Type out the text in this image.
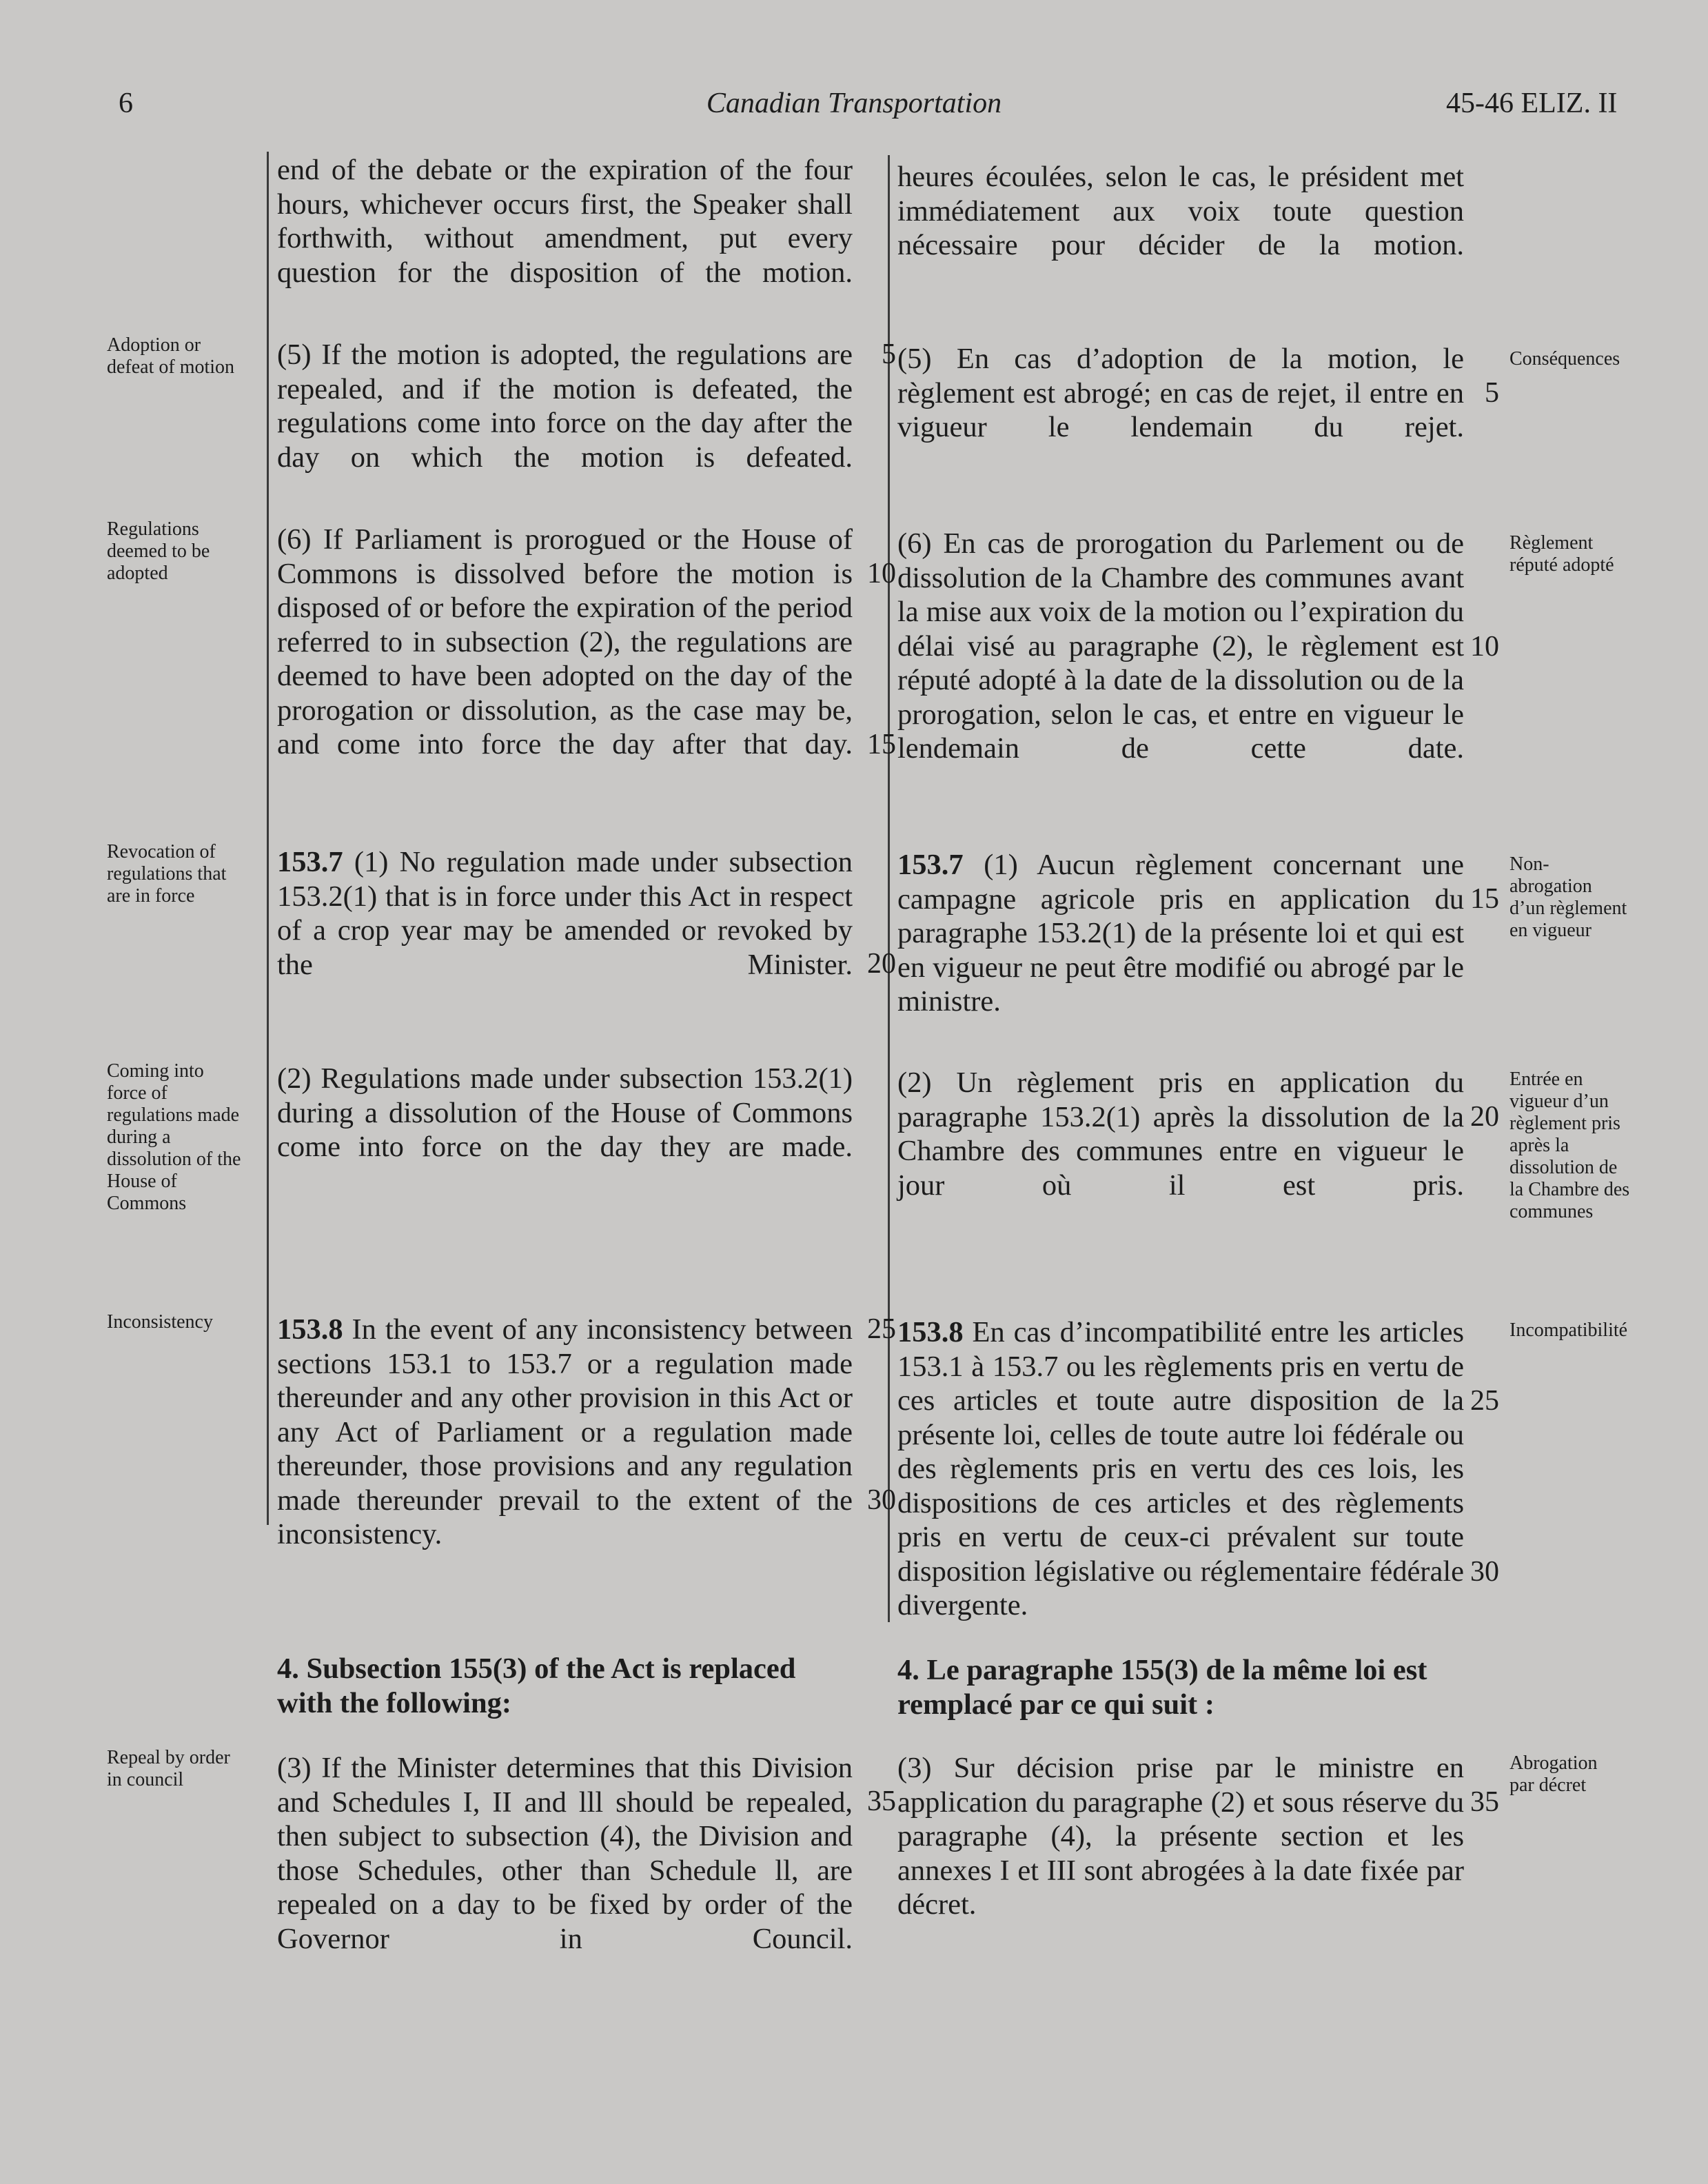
6	Canadian Transportation	45-46 ELIZ. II
end of the debate or the expiration of the four hours, whichever occurs first, the Speaker shall forthwith, without amendment, put every question for the disposition of the motion.
(5) If the motion is adopted, the regulations are repealed, and if the motion is defeated, the regulations come into force on the day after the day on which the motion is defeated.
(6) If Parliament is prorogued or the House of Commons is dissolved before the motion is disposed of or before the expiration of the period referred to in subsection (2), the regulations are deemed to have been adopted on the day of the prorogation or dissolution, as the case may be, and come into force the day after that day.
153.7 (1) No regulation made under subsection 153.2(1) that is in force under this Act in respect of a crop year may be amended or revoked by the Minister.
(2) Regulations made under subsection 153.2(1) during a dissolution of the House of Commons come into force on the day they are made.
153.8 In the event of any inconsistency between sections 153.1 to 153.7 or a regulation made thereunder and any other provision in this Act or any Act of Parliament or a regulation made thereunder, those provisions and any regulation made thereunder prevail to the extent of the inconsistency.
4. Subsection 155(3) of the Act is replaced with the following:
(3) If the Minister determines that this Division and Schedules I, II and lll should be repealed, then subject to subsection (4), the Division and those Schedules, other than Schedule ll, are repealed on a day to be fixed by order of the Governor in Council.
5
10
15
20
25
30
35
heures écoulées, selon le cas, le président met immédiatement aux voix toute question nécessaire pour décider de la motion.
(5) En cas d’adoption de la motion, le règlement est abrogé; en cas de rejet, il entre en vigueur le lendemain du rejet.
(6) En cas de prorogation du Parlement ou de dissolution de la Chambre des communes avant la mise aux voix de la motion ou l’expiration du délai visé au paragraphe (2), le règlement est réputé adopté à la date de la dissolution ou de la prorogation, selon le cas, et entre en vigueur le lendemain de cette date.
153.7 (1) Aucun règlement concernant une campagne agricole pris en application du paragraphe 153.2(1) de la présente loi et qui est en vigueur ne peut être modifié ou abrogé par le ministre.
(2) Un règlement pris en application du paragraphe 153.2(1) après la dissolution de la Chambre des communes entre en vigueur le jour où il est pris.
153.8 En cas d’incompatibilité entre les articles 153.1 à 153.7 ou les règlements pris en vertu de ces articles et toute autre disposition de la présente loi, celles de toute autre loi fédérale ou des règlements pris en vertu des ces lois, les dispositions de ces articles et des règlements pris en vertu de ceux-ci prévalent sur toute disposition législative ou réglementaire fédérale divergente.
4. Le paragraphe 155(3) de la même loi est remplacé par ce qui suit :
(3) Sur décision prise par le ministre en application du paragraphe (2) et sous réserve du paragraphe (4), la présente section et les annexes I et III sont abrogées à la date fixée par décret.
5
10
15
20
25
30
35
Adoption or defeat of motion
Regulations deemed to be adopted
Revocation of regulations that are in force
Coming into force of regulations made during a dissolution of the House of Commons
Inconsistency
Repeal by order in council
Conséquences
Règlement réputé adopté
Non-abrogation d’un règlement en vigueur
Entrée en vigueur d’un règlement pris après la dissolution de la Chambre des communes
Incompatibilité
Abrogation par décret
